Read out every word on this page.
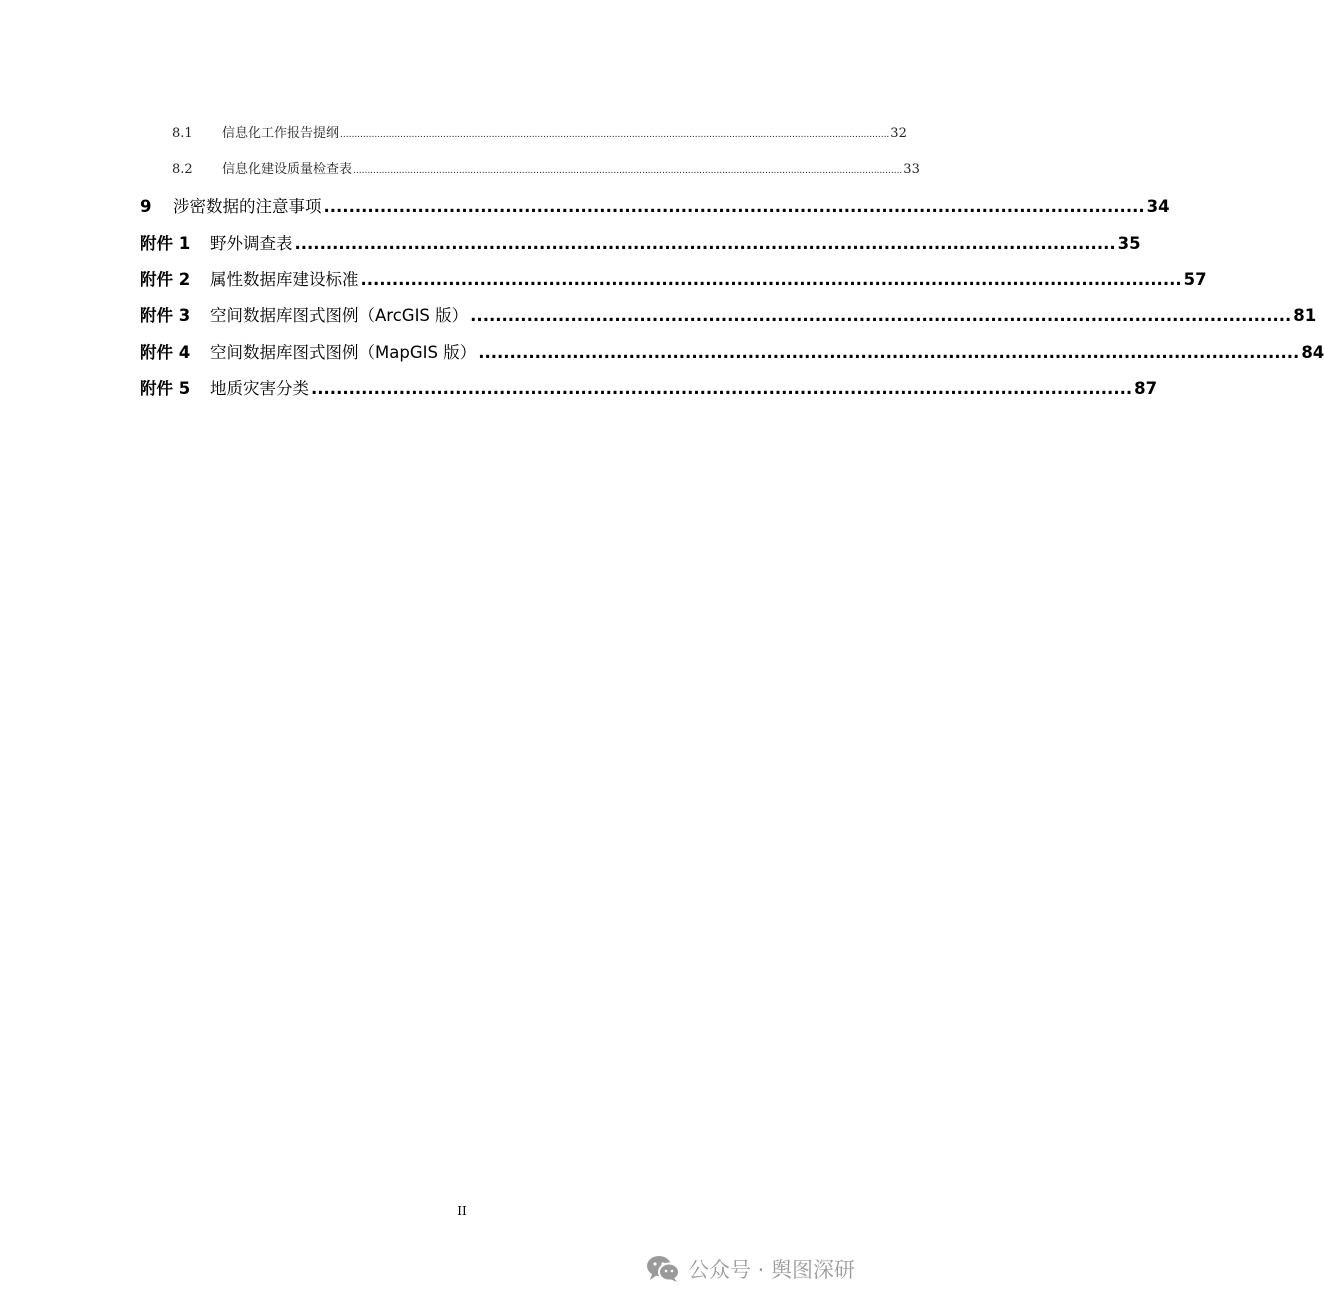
8.1	信息化工作报告提纲 ................................................................................................................................................................................................ 32
8.2	信息化建设质量检查表 ................................................................................................................................................................................................ 33
9	涉密数据的注意事项 ................................................................................................................................... 34
附件 1	野外调查表 ................................................................................................................................... 35
附件 2	属性数据库建设标准 ................................................................................................................................... 57
附件 3	空间数据库图式图例（ArcGIS 版） ................................................................................................................................... 81
附件 4	空间数据库图式图例（MapGIS 版） ................................................................................................................................... 84
附件 5	地质灾害分类 ................................................................................................................................... 87
II
公众号 · 舆图深研
